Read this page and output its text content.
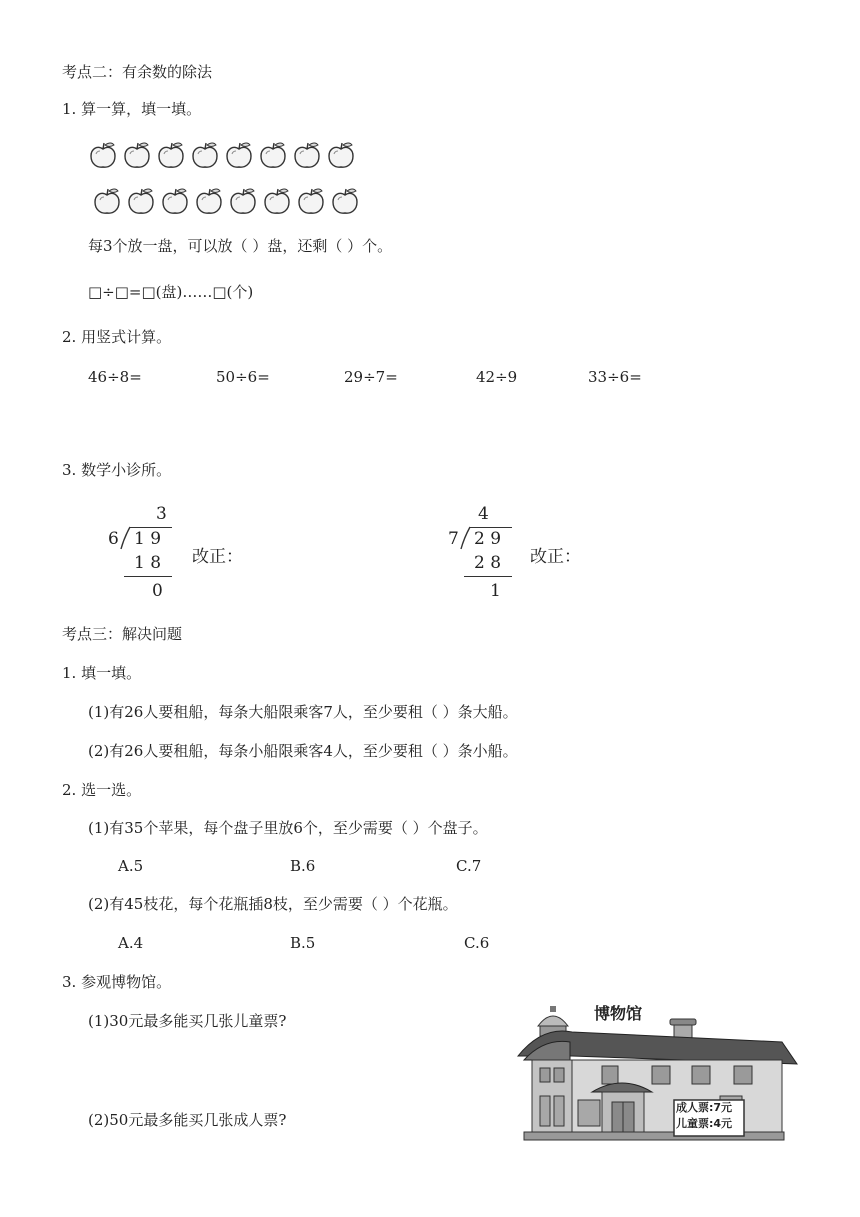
考点二：有余数的除法
1. 算一算，填一填。
每3个放一盘，可以放（ ）盘，还剩（ ）个。
□÷□=□(盘)……□(个)
2. 用竖式计算。
46÷8=	50÷6=	29÷7=	42÷9	33÷6=
3. 数学小诊所。
3
6 1 9
1 8
0
改正：
4
7 2 9
2 8
1
改正：
考点三：解决问题
1. 填一填。
(1)有26人要租船，每条大船限乘客7人，至少要租（ ）条大船。
(2)有26人要租船，每条小船限乘客4人，至少要租（ ）条小船。
2. 选一选。
(1)有35个苹果，每个盘子里放6个，至少需要（ ）个盘子。
A.5	B.6	C.7
(2)有45枝花，每个花瓶插8枝，至少需要（ ）个花瓶。
A.4	B.5	C.6
3. 参观博物馆。
(1)30元最多能买几张儿童票?
(2)50元最多能买几张成人票?
博物馆
成人票:7元
儿童票:4元
